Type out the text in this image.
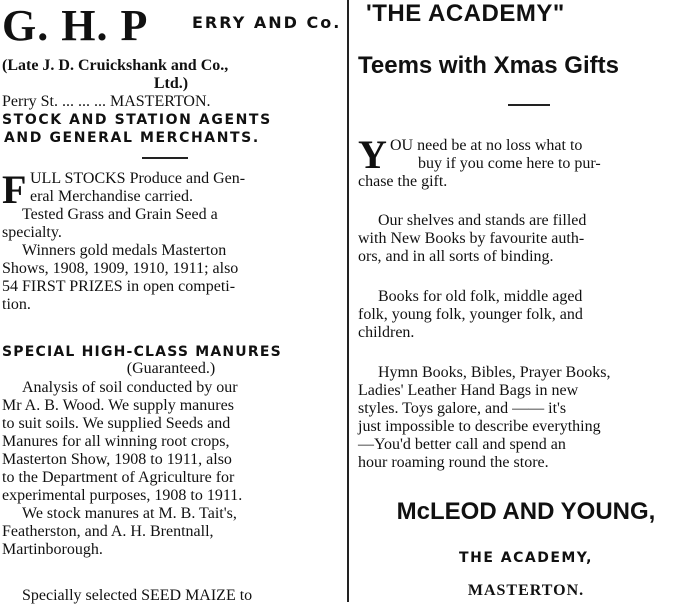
G. H. P	ERRY AND Co.
(Late J. D. Cruickshank and Co.,
Ltd.)
Perry St. ... ... ... MASTERTON.
STOCK AND STATION AGENTS
AND GENERAL MERCHANTS.
F ULL STOCKS Produce and Gen-
eral Merchandise carried.
Tested Grass and Grain Seed a
specialty.
Winners gold medals Masterton
Shows, 1908, 1909, 1910, 1911; also
54 FIRST PRIZES in open competi-
tion.
SPECIAL HIGH-CLASS MANURES
(Guaranteed.)
Analysis of soil conducted by our
Mr A. B. Wood. We supply manures
to suit soils. We supplied Seeds and
Manures for all winning root crops,
Masterton Show, 1908 to 1911, also
to the Department of Agriculture for
experimental purposes, 1908 to 1911.
We stock manures at M. B. Tait's,
Featherston, and A. H. Brentnall,
Martinborough.
Specially selected SEED MAIZE to
'THE ACADEMY"
Teems with Xmas Gifts
Y OU need be at no loss what to
buy if you come here to pur-
chase the gift.
Our shelves and stands are filled
with New Books by favourite auth-
ors, and in all sorts of binding.
Books for old folk, middle aged
folk, young folk, younger folk, and
children.
Hymn Books, Bibles, Prayer Books,
Ladies' Leather Hand Bags in new
styles. Toys galore, and —— it's
just impossible to describe everything
—You'd better call and spend an
hour roaming round the store.
McLEOD AND YOUNG,
THE ACADEMY,
MASTERTON.
